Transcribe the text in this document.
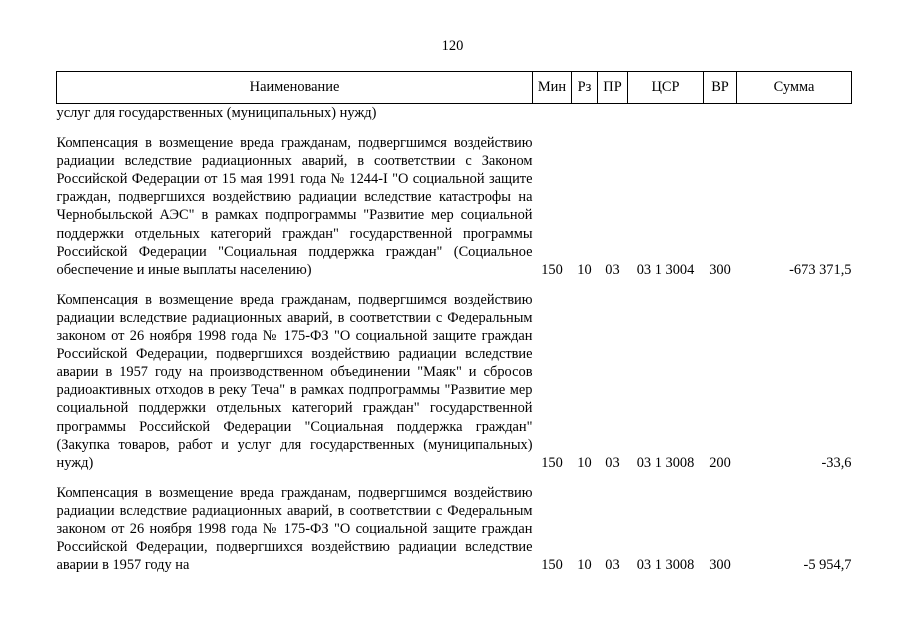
120
Наименование	Мин	Рз	ПР	ЦСР	ВР	Сумма
услуг для государственных (муниципальных) нужд)						

Компенсация в возмещение вреда гражданам, подвергшимся воздействию радиации вследствие радиационных аварий, в соответствии с Законом Российской Федерации от 15 мая 1991 года № 1244-I "О социальной защите граждан, подвергшихся воздействию радиации вследствие катастрофы на Чернобыльской АЭС" в рамках подпрограммы "Развитие мер социальной поддержки отдельных категорий граждан" государственной программы Российской Федерации "Социальная поддержка граждан" (Социальное обеспечение и иные выплаты населению)	150	10	03	03 1 3004	300	-673 371,5

Компенсация в возмещение вреда гражданам, подвергшимся воздействию радиации вследствие радиационных аварий, в соответствии с Федеральным законом от 26 ноября 1998 года № 175-ФЗ "О социальной защите граждан Российской Федерации, подвергшихся воздействию радиации вследствие аварии в 1957 году на производственном объединении "Маяк" и сбросов радиоактивных отходов в реку Теча" в рамках подпрограммы "Развитие мер социальной поддержки отдельных категорий граждан" государственной программы Российской Федерации "Социальная поддержка граждан" (Закупка товаров, работ и услуг для государственных (муниципальных) нужд)	150	10	03	03 1 3008	200	-33,6

Компенсация в возмещение вреда гражданам, подвергшимся воздействию радиации вследствие радиационных аварий, в соответствии с Федеральным законом от 26 ноября 1998 года № 175-ФЗ "О социальной защите граждан Российской Федерации, подвергшихся воздействию радиации вследствие аварии в 1957 году на	150	10	03	03 1 3008	300	-5 954,7
